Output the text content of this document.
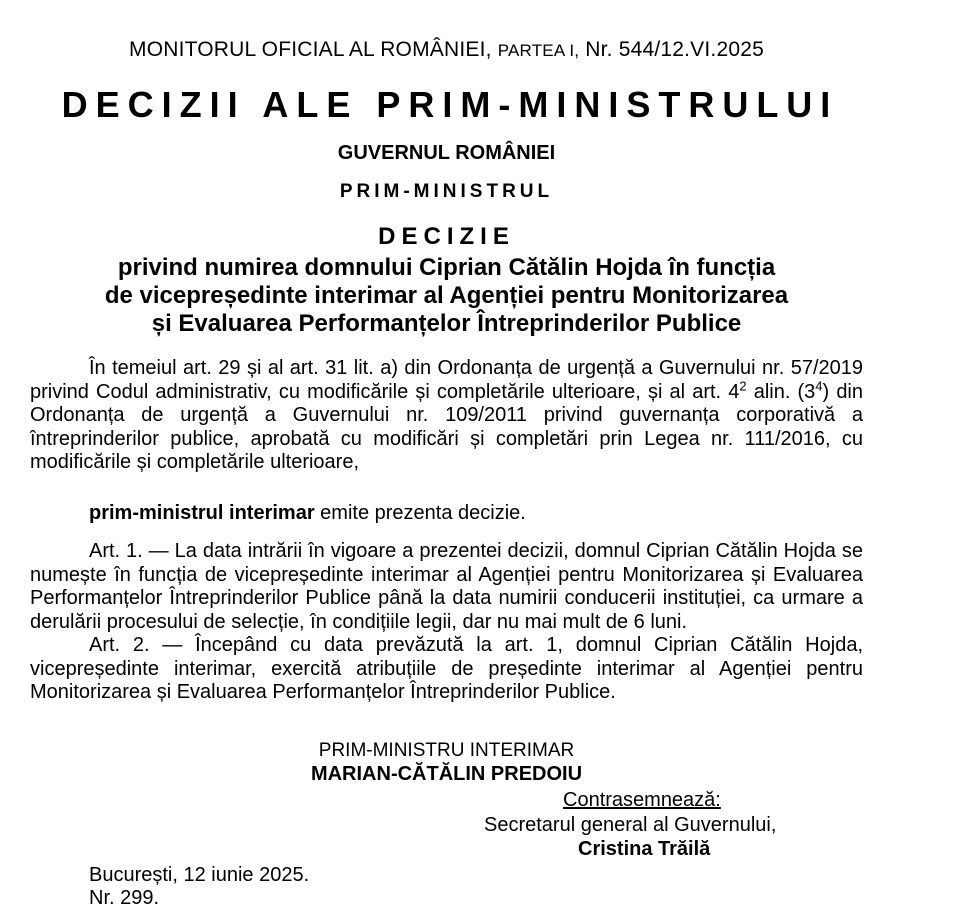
MONITORUL OFICIAL AL ROMÂNIEI, PARTEA I, Nr. 544/12.VI.2025
DECIZII ALE PRIM-MINISTRULUI
GUVERNUL ROMÂNIEI
PRIM-MINISTRUL
DECIZIE
privind numirea domnului Ciprian Cătălin Hojda în funcția
de vicepreședinte interimar al Agenției pentru Monitorizarea
și Evaluarea Performanțelor Întreprinderilor Publice

În temeiul art. 29 și al art. 31 lit. a) din Ordonanța de urgență a Guvernului nr. 57/2019 privind Codul administrativ, cu modificările și completările ulterioare, și al art. $4^2$ alin. $(3^4)$ din Ordonanța de urgență a Guvernului nr. 109/2011 privind guvernanța corporativă a întreprinderilor publice, aprobată cu modificări și completări prin Legea nr. 111/2016, cu modificările și completările ulterioare,

prim-ministrul interimar emite prezenta decizie.

Art. 1. — La data intrării în vigoare a prezentei decizii, domnul Ciprian Cătălin Hojda se numește în funcția de vicepreședinte interimar al Agenției pentru Monitorizarea și Evaluarea Performanțelor Întreprinderilor Publice până la data numirii conducerii instituției, ca urmare a derulării procesului de selecție, în condițiile legii, dar nu mai mult de 6 luni.

Art. 2. — Începând cu data prevăzută la art. 1, domnul Ciprian Cătălin Hojda, vicepreședinte interimar, exercită atribuțiile de președinte interimar al Agenției pentru Monitorizarea și Evaluarea Performanțelor Întreprinderilor Publice.

PRIM-MINISTRU INTERIMAR
MARIAN-CĂTĂLIN PREDOIU
Contrasemnează:
Secretarul general al Guvernului,
Cristina Trăilă
București, 12 iunie 2025.
Nr. 299.
